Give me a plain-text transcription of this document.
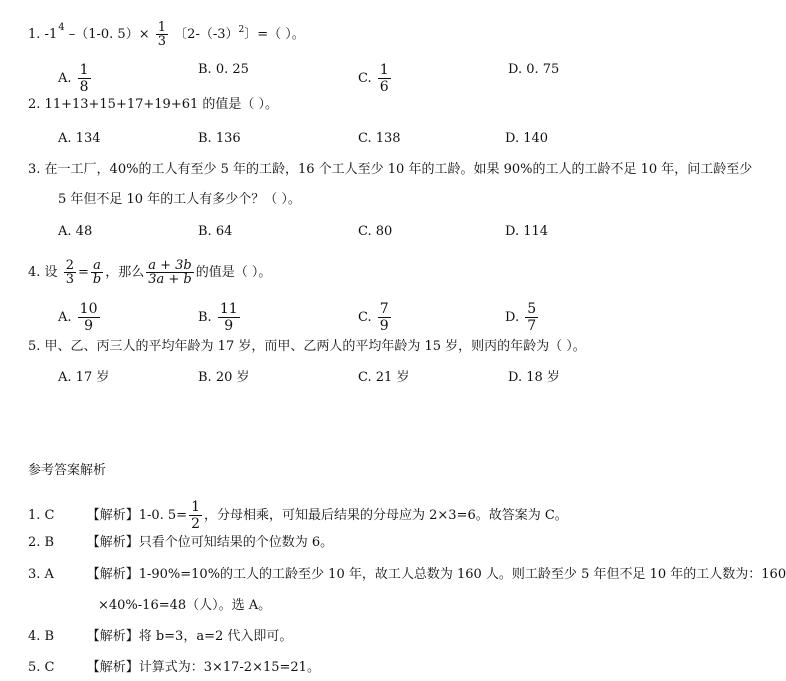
1. $-1^4$ –（1-0. $5)\times \frac{1}{3}$ 〔$2-(-3)^2$〕=（ ）。
A. $\frac{1}{8}$	B. 0. 25
C. $\frac{1}{6}$	D. 0. 75
2. 11+13+15+17+19+61 的值是（ ）。
A. 134	B. 136	C. 138	D. 140
3. 在一工厂，40%的工人有至少 5 年的工龄，16 个工人至少 10 年的工龄。如果 90%的工人的工龄不足 10 年，问工龄至少
5 年但不足 10 年的工人有多少个？（ ）。
A. 48	B. 64	C. 80	D. 114
4. 设 $\frac{2}{3} = \frac{a}{b}$ ，那么 $\frac{a + 3b}{3a + b}$ 的值是（ ）。
A. $\frac{10}{9}$	B. $\frac{11}{9}$	C. $\frac{7}{9}$	D. $\frac{5}{7}$
5. 甲、乙、丙三人的平均年龄为 17 岁，而甲、乙两人的平均年龄为 15 岁，则丙的年龄为（ ）。
A. 17 岁	B. 20 岁	C. 21 岁	D. 18 岁
参考答案解析
1. C 【解析】1-0. $5= \frac{1}{2}$ ，分母相乘，可知最后结果的分母应为 2×3=6。故答案为 C。
2. B	【解析】只看个位可知结果的个位数为 6。
3. A	【解析】1-90%=10%的工人的工龄至少 10 年，故工人总数为 160 人。则工龄至少 5 年但不足 10 年的工人数为：160
×40%-16=48（人）。选 A。
4. B	【解析】将 b=3，a=2 代入即可。
5. C 【解析】计算式为：3×17-2×15=21。
